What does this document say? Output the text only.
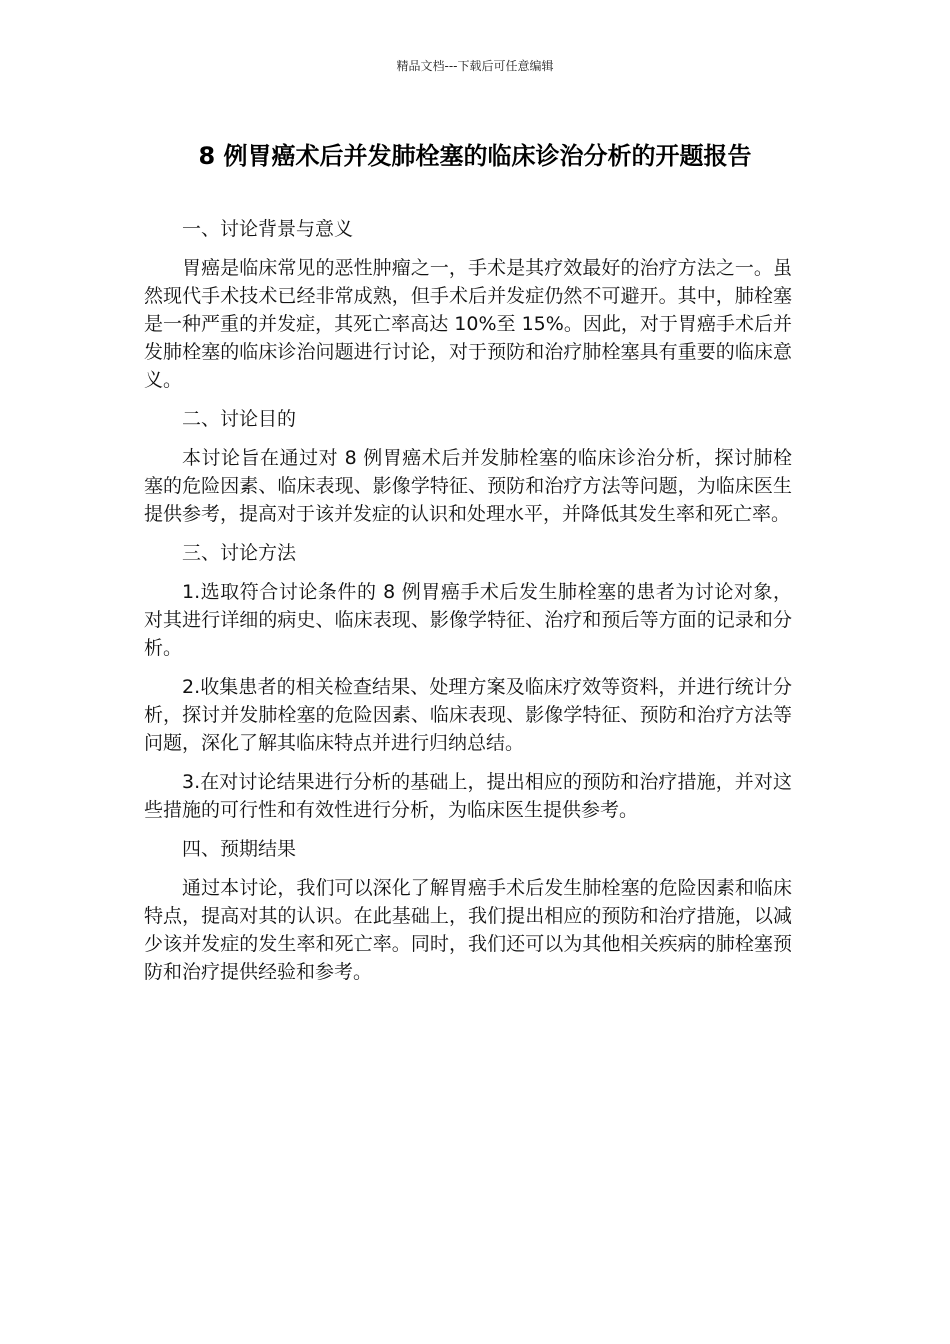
精品文档---下载后可任意编辑
8 例胃癌术后并发肺栓塞的临床诊治分析的开题报告

一、讨论背景与意义

胃癌是临床常见的恶性肿瘤之一，手术是其疗效最好的治疗方法之一。虽然现代手术技术已经非常成熟，但手术后并发症仍然不可避开。其中，肺栓塞是一种严重的并发症，其死亡率高达 10%至 15%。因此，对于胃癌手术后并发肺栓塞的临床诊治问题进行讨论，对于预防和治疗肺栓塞具有重要的临床意义。

二、讨论目的

本讨论旨在通过对 8 例胃癌术后并发肺栓塞的临床诊治分析，探讨肺栓塞的危险因素、临床表现、影像学特征、预防和治疗方法等问题，为临床医生提供参考，提高对于该并发症的认识和处理水平，并降低其发生率和死亡率。

三、讨论方法

1.选取符合讨论条件的 8 例胃癌手术后发生肺栓塞的患者为讨论对象，对其进行详细的病史、临床表现、影像学特征、治疗和预后等方面的记录和分析。

2.收集患者的相关检查结果、处理方案及临床疗效等资料，并进行统计分析，探讨并发肺栓塞的危险因素、临床表现、影像学特征、预防和治疗方法等问题，深化了解其临床特点并进行归纳总结。

3.在对讨论结果进行分析的基础上，提出相应的预防和治疗措施，并对这些措施的可行性和有效性进行分析，为临床医生提供参考。

四、预期结果

通过本讨论，我们可以深化了解胃癌手术后发生肺栓塞的危险因素和临床特点，提高对其的认识。在此基础上，我们提出相应的预防和治疗措施，以减少该并发症的发生率和死亡率。同时，我们还可以为其他相关疾病的肺栓塞预防和治疗提供经验和参考。
